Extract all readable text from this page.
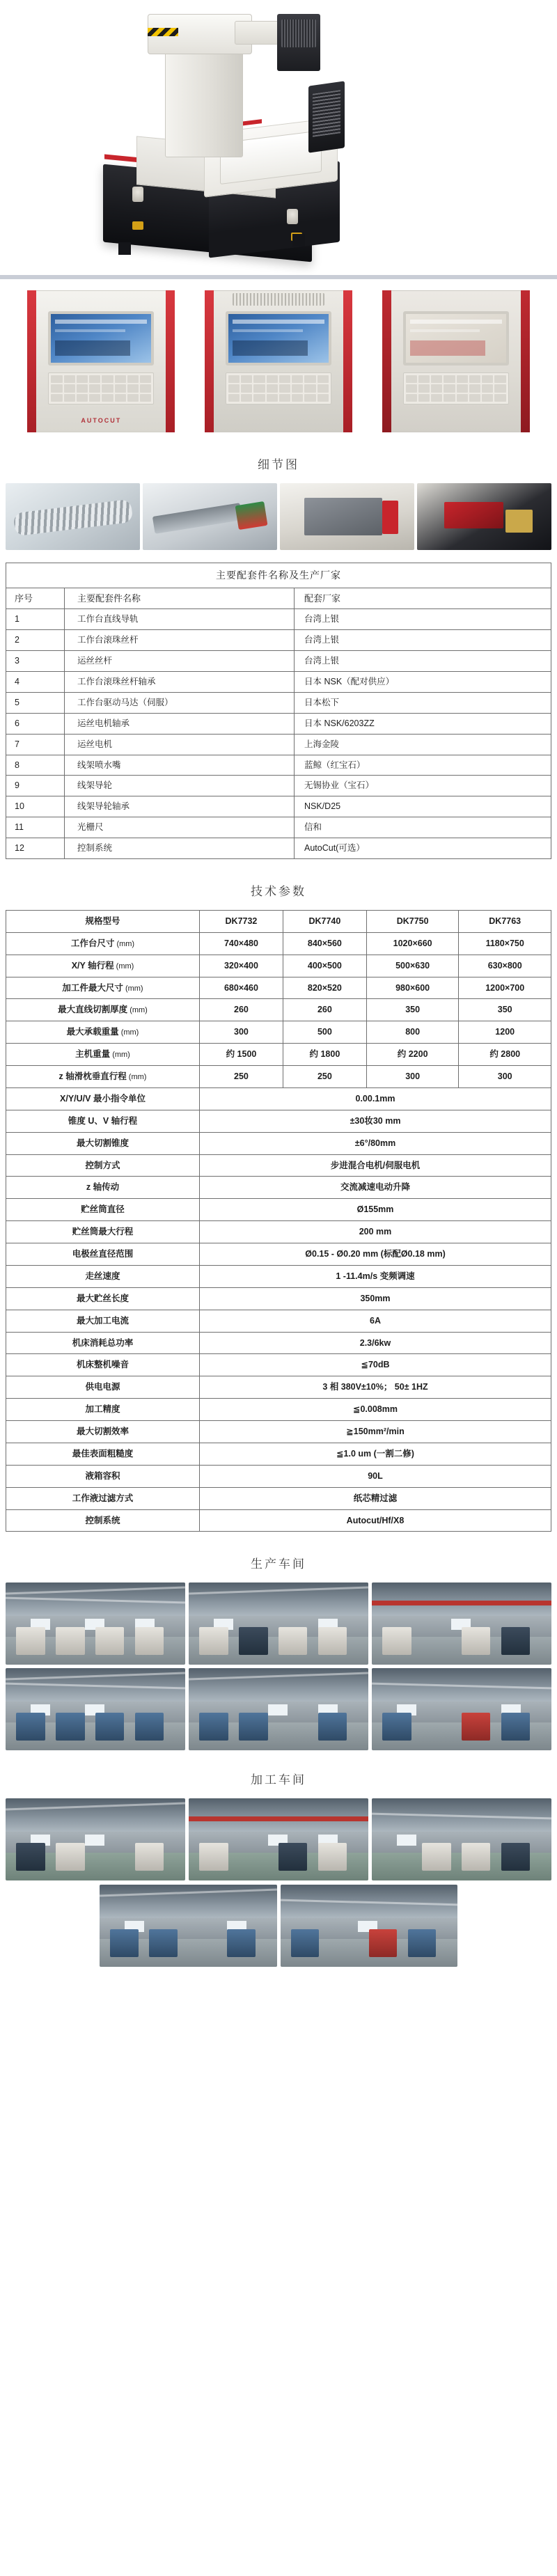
AUTOCUT
细节图
主要配套件名称及生产厂家		
序号	主要配套件名称	配套厂家
1	工作台直线导轨	台湾上银
2	工作台滚珠丝杆	台湾上银
3	运丝丝杆	台湾上银
4	工作台滚珠丝杆轴承	日本 NSK（配对供应）
5	工作台驱动马达（伺服）	日本松下
6	运丝电机轴承	日本 NSK/6203ZZ
7	运丝电机	上海金陵
8	线架喷水嘴	蓝鲸（红宝石）
9	线架导轮	无锡协业（宝石）
10	线架导轮轴承	NSK/D25
11	光栅尺	信和
12	控制系统	AutoCut(可选）
技术参数
规格型号	DK7732	DK7740	DK7750	DK7763
工作台尺寸 (mm)	740×480	840×560	1020×660	1180×750
X/Y 轴行程 (mm)	320×400	400×500	500×630	630×800
加工件最大尺寸 (mm)	680×460	820×520	980×600	1200×700
最大直线切割厚度 (mm)	260	260	350	350
最大承载重量 (mm)	300	500	800	1200
主机重量 (mm)	约 1500	约 1800	约 2200	约 2800
z 轴滑枕垂直行程 (mm)	250	250	300	300
X/Y/U/V 最小指令单位	0.00.1mm			
锥度 U、V 轴行程	±30妆30 mm			
最大切割锥度	±6°/80mm			
控制方式	步进混合电机/伺服电机			
z 轴传动	交流减速电动升降			
贮丝筒直径	Ø155mm			
贮丝筒最大行程	200 mm			
电极丝直径范围	Ø0.15 - Ø0.20 mm (标配Ø0.18 mm)			
走丝速度	1 -11.4m/s 变频调速			
最大贮丝长度	350mm			
最大加工电流	6A			
机床消耗总功率	2.3/6kw			
机床整机噪音	≦70dB			
供电电源	3 相 380V±10%； 50± 1HZ			
加工精度	≦0.008mm			
最大切割效率	≧150mm²/min			
最佳表面粗糙度	≦1.0 um (一割二修)			
液箱容积	90L			
工作液过滤方式	纸芯精过滤			
控制系统	Autocut/Hf/X8			
生产车间
加工车间
